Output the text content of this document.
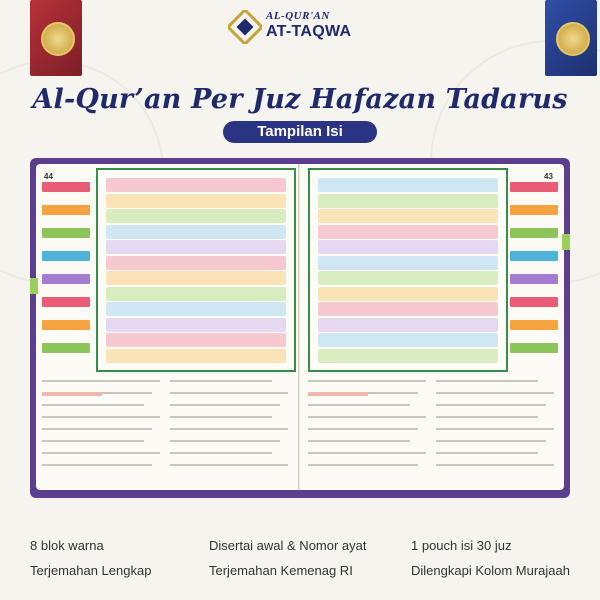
AL-QUR'AN
AT-TAQWA
Al-Qur’an Per Juz Hafazan Tadarus
Tampilan Isi
44	43
8 blok warna
Terjemahan Lengkap
Disertai awal & Nomor ayat
Terjemahan Kemenag RI
1 pouch isi 30 juz
Dilengkapi Kolom Murajaah
